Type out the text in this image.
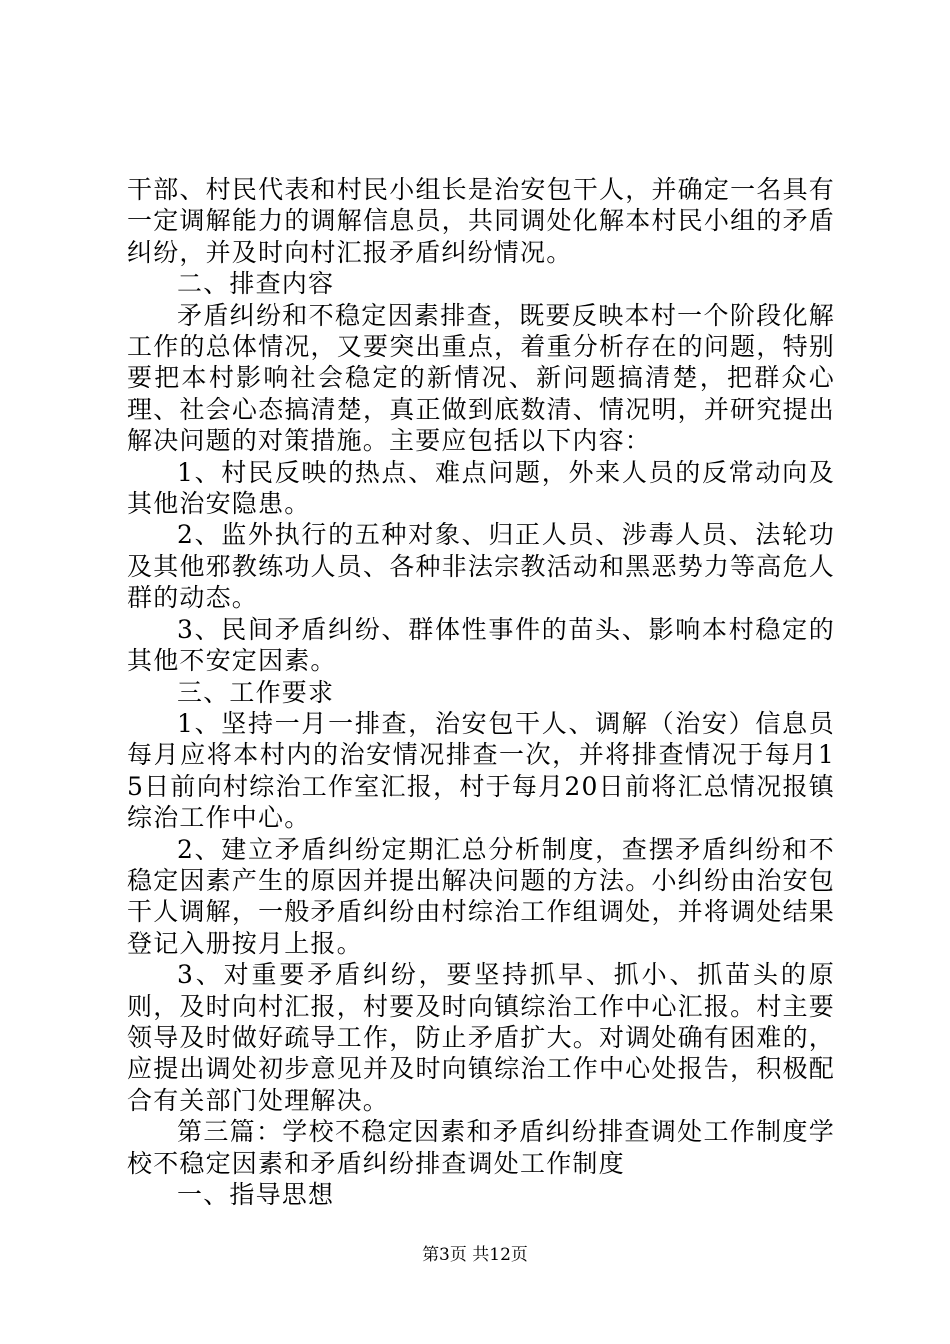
干部、村民代表和村民小组长是治安包干人，并确定一名具有一定调解能力的调解信息员，共同调处化解本村民小组的矛盾纠纷，并及时向村汇报矛盾纠纷情况。

二、排查内容

矛盾纠纷和不稳定因素排查，既要反映本村一个阶段化解工作的总体情况，又要突出重点，着重分析存在的问题，特别要把本村影响社会稳定的新情况、新问题搞清楚，把群众心理、社会心态搞清楚，真正做到底数清、情况明，并研究提出解决问题的对策措施。主要应包括以下内容：

1、村民反映的热点、难点问题，外来人员的反常动向及其他治安隐患。

2、监外执行的五种对象、归正人员、涉毒人员、法轮功及其他邪教练功人员、各种非法宗教活动和黑恶势力等高危人群的动态。

3、民间矛盾纠纷、群体性事件的苗头、影响本村稳定的其他不安定因素。

三、工作要求

1、坚持一月一排查，治安包干人、调解（治安）信息员每月应将本村内的治安情况排查一次，并将排查情况于每月15日前向村综治工作室汇报，村于每月20日前将汇总情况报镇综治工作中心。

2、建立矛盾纠纷定期汇总分析制度，查摆矛盾纠纷和不稳定因素产生的原因并提出解决问题的方法。小纠纷由治安包干人调解，一般矛盾纠纷由村综治工作组调处，并将调处结果登记入册按月上报。

3、对重要矛盾纠纷，要坚持抓早、抓小、抓苗头的原则，及时向村汇报，村要及时向镇综治工作中心汇报。村主要领导及时做好疏导工作，防止矛盾扩大。对调处确有困难的，应提出调处初步意见并及时向镇综治工作中心处报告，积极配合有关部门处理解决。

第三篇：学校不稳定因素和矛盾纠纷排查调处工作制度学校不稳定因素和矛盾纠纷排查调处工作制度

一、指导思想

第3页 共12页
